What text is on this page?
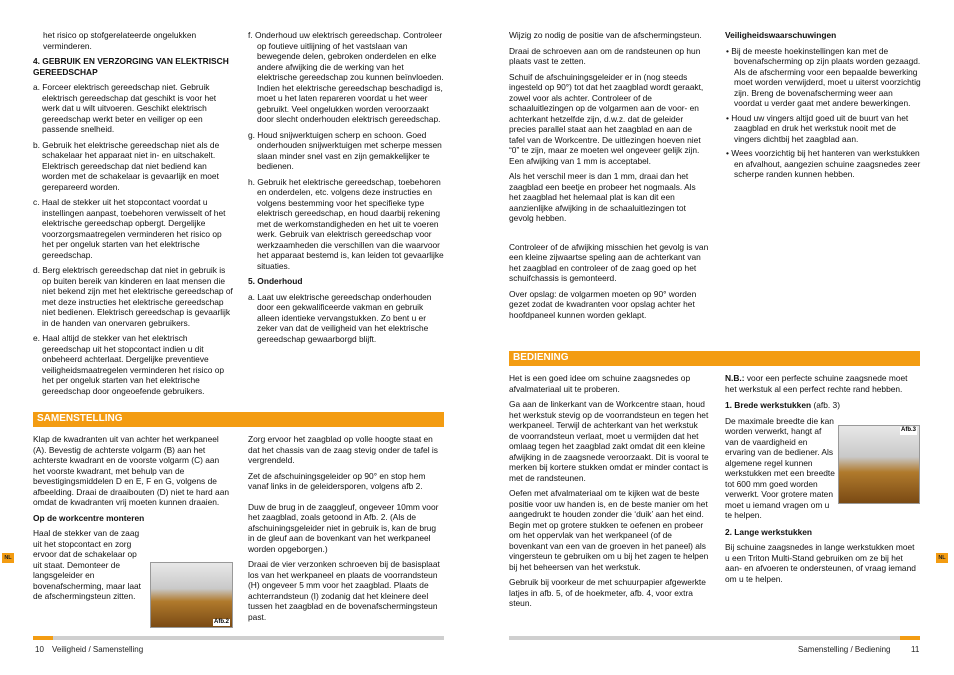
het risico op stofgerelateerde ongelukken verminderen.

4. GEBRUIK EN VERZORGING VAN ELEKTRISCH GEREEDSCHAP

a. Forceer elektrisch gereedschap niet. Gebruik elektrisch gereedschap dat geschikt is voor het werk dat u wilt uitvoeren. Geschikt elektrisch gereedschap werkt beter en veiliger op een passende snelheid.

b. Gebruik het elektrische gereedschap niet als de schakelaar het apparaat niet in- en uitschakelt. Elektrisch gereedschap dat niet bediend kan worden met de schakelaar is gevaarlijk en moet gerepareerd worden.

c. Haal de stekker uit het stopcontact voordat u instellingen aanpast, toebehoren verwisselt of het elektrische gereedschap opbergt. Dergelijke voorzorgsmaatregelen verminderen het risico op het per ongeluk starten van het elektrische gereedschap.

d. Berg elektrisch gereedschap dat niet in gebruik is op buiten bereik van kinderen en laat mensen die niet bekend zijn met het elektrische gereedschap of met deze instructies het elektrische gereedschap niet bedienen. Elektrisch gereedschap is gevaarlijk in de handen van onervaren gebruikers.

e. Haal altijd de stekker van het elektrisch gereedschap uit het stopcontact indien u dit onbeheerd achterlaat. Dergelijke preventieve veiligheidsmaatregelen verminderen het risico op het per ongeluk starten van het elektrische gereedschap door ongeoefende gebruikers.

f. Onderhoud uw elektrisch gereedschap. Controleer op foutieve uitlijning of het vastslaan van bewegende delen, gebroken onderdelen en elke andere afwijking die de werking van het elektrische gereedschap zou kunnen beïnvloeden. Indien het elektrische gereedschap beschadigd is, moet u het laten repareren voordat u het weer gebruikt. Veel ongelukken worden veroorzaakt door slecht onderhouden elektrisch gereedschap.

g. Houd snijwerktuigen scherp en schoon. Goed onderhouden snijwerktuigen met scherpe messen slaan minder snel vast en zijn gemakkelijker te bedienen.

h. Gebruik het elektrische gereedschap, toebehoren en onderdelen, etc. volgens deze instructies en volgens bestemming voor het specifieke type elektrisch gereedschap, en houd daarbij rekening met de werkomstandigheden en het uit te voeren werk. Gebruik van elektrisch gereedschap voor werkzaamheden die verschillen van die waarvoor het apparaat bestemd is, kan leiden tot gevaarlijke situaties.

5. Onderhoud

a. Laat uw elektrische gereedschap onderhouden door een gekwalificeerde vakman en gebruik alleen identieke vervangstukken. Zo bent u er zeker van dat de veiligheid van het elektrische gereedschap gewaarborgd blijft.

SAMENSTELLING

Klap de kwadranten uit van achter het werkpaneel (A). Bevestig de achterste volgarm (B) aan het achterste kwadrant en de voorste volgarm (C) aan het voorste kwadrant, met behulp van de bevestigingsmiddelen D en E, F en G, volgens de afbeelding. Draai de draaibouten (D) niet te hard aan omdat de kwadranten vrij moeten kunnen draaien.

Op de workcentre monteren

Haal de stekker van de zaag uit het stopcontact en zorg ervoor dat de schakelaar op uit staat. Demonteer de langsgeleider en bovenafscherming, maar laat de afschermingsteun zitten.

Afb.2

Zorg ervoor het zaagblad op volle hoogte staat en dat het chassis van de zaag stevig onder de tafel is vergrendeld.

Zet de afschuiningsgeleider op 90° en stop hem vanaf links in de geleidersporen, volgens afb 2.

Duw de brug in de zaaggleuf, ongeveer 10mm voor het zaagblad, zoals getoond in Afb. 2. (Als de afschuiningsgeleider niet in gebruik is, kan de brug in de gleuf aan de bovenkant van het werkpaneel worden opgeborgen.)

Draai de vier verzonken schroeven bij de basisplaat los van het werkpaneel en plaats de voorrandsteun (H) ongeveer 5 mm voor het zaagblad. Plaats de achterrandsteun (I) zodanig dat het kleinere deel tussen het zaagblad en de bovenafschermingsteun past.

10 Veiligheid / Samenstelling
NL

Wijzig zo nodig de positie van de afschermingsteun.

Draai de schroeven aan om de randsteunen op hun plaats vast te zetten.

Schuif de afschuiningsgeleider er in (nog steeds ingesteld op 90°) tot dat het zaagblad wordt geraakt, zowel voor als achter. Controleer of de schaaluitlezingen op de volgarmen aan de voor- en achterkant hetzelfde zijn, d.w.z. dat de geleider precies parallel staat aan het zaagblad en aan de tafel van de Workcentre. De uitlezingen hoeven niet “0” te zijn, maar ze moeten wel ongeveer gelijk zijn. Een afwijking van 1 mm is acceptabel.

Als het verschil meer is dan 1 mm, draai dan het zaagblad een beetje en probeer het nogmaals. Als het zaagblad het helemaal plat is kan dit een aanzienlijke afwijking in de schaaluitlezingen tot gevolg hebben.

Controleer of de afwijking misschien het gevolg is van een kleine zijwaartse speling aan de achterkant van het zaagblad en controleer of de zaag goed op het schuifchassis is gemonteerd.

Over opslag: de volgarmen moeten op 90° worden gezet zodat de kwadranten voor opslag achter het hoofdpaneel kunnen worden geklapt.

Veiligheidswaarschuwingen

• Bij de meeste hoekinstellingen kan met de bovenafscherming op zijn plaats worden gezaagd. Als de afscherming voor een bepaalde bewerking moet worden verwijderd, moet u uiterst voorzichtig zijn. Breng de bovenafscherming weer aan voordat u verder gaat met andere bewerkingen.
• Houd uw vingers altijd goed uit de buurt van het zaagblad en druk het werkstuk nooit met de vingers dichtbij het zaagblad aan.
• Wees voorzichtig bij het hanteren van werkstukken en afvalhout, aangezien schuine zaagsnedes zeer scherpe randen kunnen hebben.
BEDIENING

Het is een goed idee om schuine zaagsnedes op afvalmateriaal uit te proberen.

Ga aan de linkerkant van de Workcentre staan, houd het werkstuk stevig op de voorrandsteun en tegen het werkpaneel. Terwijl de achterkant van het werkstuk de voorrandsteun verlaat, moet u vermijden dat het omlaag tegen het zaagblad zakt omdat dit een kleine afwijking in de zaagsnede veroorzaakt. Dit is vooral te merken bij kortere stukken omdat er minder contact is met de randsteunen.

Oefen met afvalmateriaal om te kijken wat de beste positie voor uw handen is, en de beste manier om het aangedrukt te houden zonder die ‘duik’ aan het eind. Begin met op grotere stukken te oefenen en probeer om het oppervlak van het werkpaneel (of de bovenkant van een van de groeven in het paneel) als vingersteun te gebruiken om u bij het zagen te helpen bij het beheersen van het werkstuk.

Gebruik bij voorkeur de met schuurpapier afgewerkte latjes in afb. 5, of de hoekmeter, afb. 4, voor extra steun.

N.B.: voor een perfecte schuine zaagsnede moet het werkstuk al een perfect rechte rand hebben.

1. Brede werkstukken (afb. 3)

De maximale breedte die kan worden verwerkt, hangt af van de vaardigheid en ervaring van de bediener. Als algemene regel kunnen werkstukken met een breedte tot 600 mm goed worden verwerkt. Voor grotere maten moet u iemand vragen om u te helpen.

2. Lange werkstukken

Bij schuine zaagsnedes in lange werkstukken moet u een Triton Multi-Stand gebruiken om ze bij het aan- en afvoeren te ondersteunen, of vraag iemand om u te helpen.

Afb.3
Samenstelling / Bediening	11
NL
